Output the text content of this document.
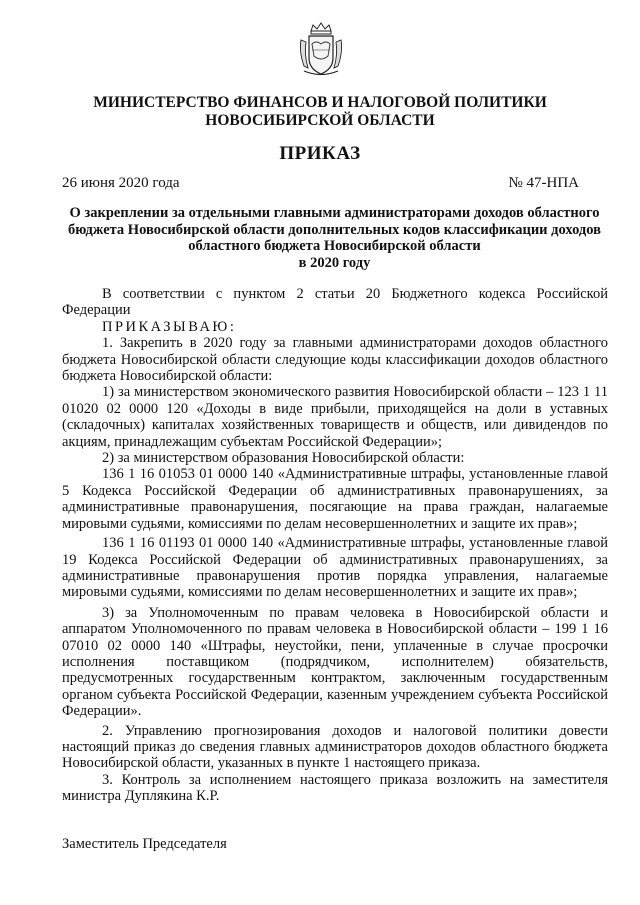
МИНИСТЕРСТВО ФИНАНСОВ И НАЛОГОВОЙ ПОЛИТИКИ
НОВОСИБИРСКОЙ ОБЛАСТИ
ПРИКАЗ
26 июня 2020 года	№ 47-НПА
О закреплении за отдельными главными администраторами доходов областного
бюджета Новосибирской области дополнительных кодов классификации доходов
областного бюджета Новосибирской области
в 2020 году

В соответствии с пунктом 2 статьи 20 Бюджетного кодекса Российской Федерации

ПРИКАЗЫВАЮ:

1. Закрепить в 2020 году за главными администраторами доходов областного бюджета Новосибирской области следующие коды классификации доходов областного бюджета Новосибирской области:

1) за министерством экономического развития Новосибирской области – 123 1 11 01020 02 0000 120 «Доходы в виде прибыли, приходящейся на доли в уставных (складочных) капиталах хозяйственных товариществ и обществ, или дивидендов по акциям, принадлежащим субъектам Российской Федерации»;

2) за министерством образования Новосибирской области:

136 1 16 01053 01 0000 140 «Административные штрафы, установленные главой 5 Кодекса Российской Федерации об административных правонарушениях, за административные правонарушения, посягающие на права граждан, налагаемые мировыми судьями, комиссиями по делам несовершеннолетних и защите их прав»;

136 1 16 01193 01 0000 140 «Административные штрафы, установленные главой 19 Кодекса Российской Федерации об административных правонарушениях, за административные правонарушения против порядка управления, налагаемые мировыми судьями, комиссиями по делам несовершеннолетних и защите их прав»;

3) за Уполномоченным по правам человека в Новосибирской области и аппаратом Уполномоченного по правам человека в Новосибирской области – 199 1 16 07010 02 0000 140 «Штрафы, неустойки, пени, уплаченные в случае просрочки исполнения поставщиком (подрядчиком, исполнителем) обязательств, предусмотренных государственным контрактом, заключенным государственным органом субъекта Российской Федерации, казенным учреждением субъекта Российской Федерации».

2. Управлению прогнозирования доходов и налоговой политики довести настоящий приказ до сведения главных администраторов доходов областного бюджета Новосибирской области, указанных в пункте 1 настоящего приказа.

3. Контроль за исполнением настоящего приказа возложить на заместителя министра Дуплякина К.Р.

Заместитель Председателя
